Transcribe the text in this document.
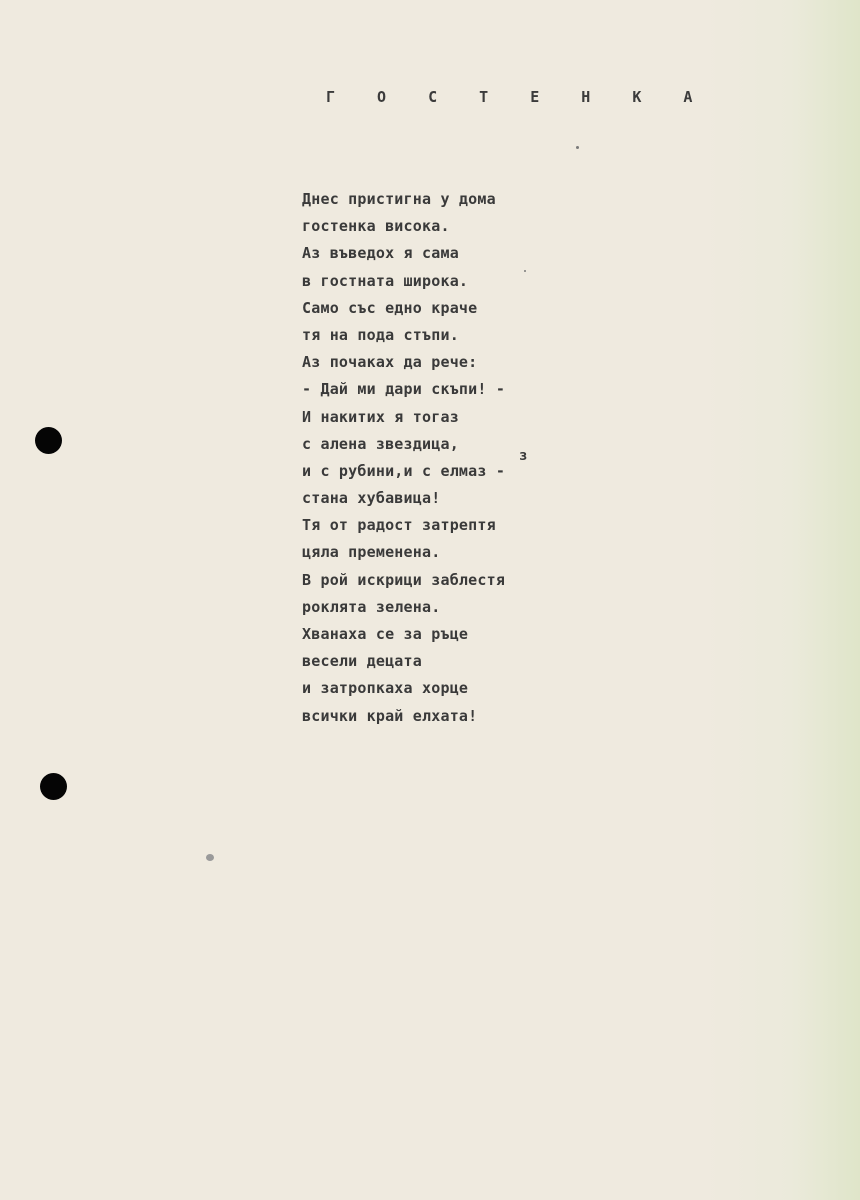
Г О С Т Е Н К А
Днес пристигна у дома
гостенка висока.
Аз въведох я сама
в гостната широка.
Само със едно краче
тя на пода стъпи.
Аз почаках да рече:
- Дай ми дари скъпи! -
И накитих я тогаз
с алена звездица,
и с рубини,и с елмаз -
стана хубавица!
Тя от радост затрептя
цяла пременена.
В рой искрици заблестя
роклята зелена.
Хванаха се за ръце
весели децата
и затропкаха хорце
всички край елхата!
з
